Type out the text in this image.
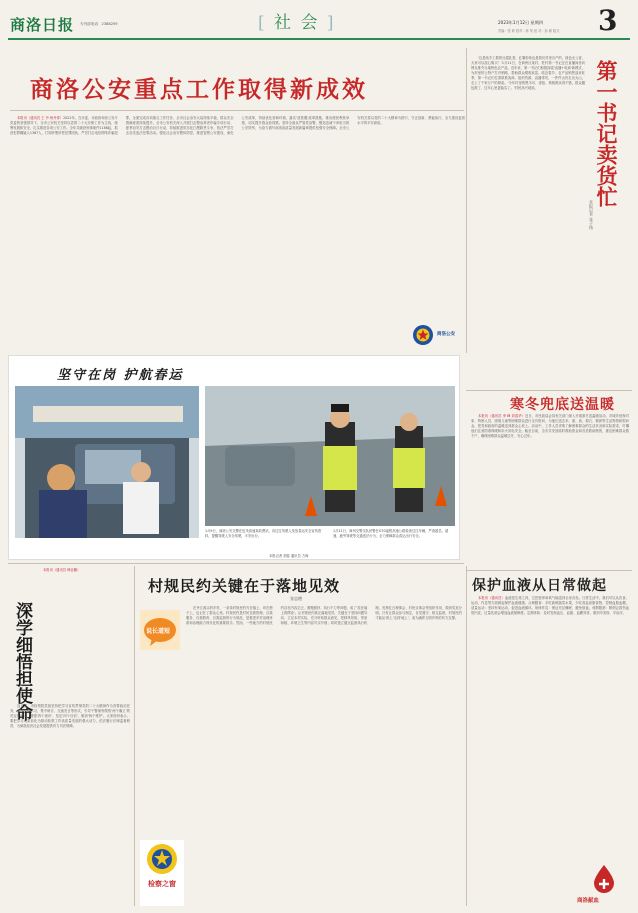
商洛日报 专刊部电话：2388259	[ 社 会 ]	2023年1月12日 星期四
责编：张 莉 校对：席 荣 组 对：孙 颖 版式 3
商洛公安重点工作取得新成效

本报讯（通讯员 王 丹 杨丹青）2022年，在市委、市政府和省公安厅党委的坚强领导下，全市公安机关坚持以党的二十大安保工作为主线，统筹发展和安全，扎实推进各项公安工作。全年共破获刑事案件1186起，抓获犯罪嫌疑人1367人，打掉涉黑涉恶犯罪团伙，严厉打击电信网络诈骗犯罪，全面完成各项重点工作任务，全市社会治安大局持续平稳，群众安全感满意度持续提升。全市公安机关深入开展打击整治养老诈骗专项行动、夏季治安打击整治百日行动，持续推进常态化扫黑除恶斗争，依法严厉打击各类违法犯罪活动。强化社会治安整体防控，推进智慧公安建设，深化公安改革，持续优化营商环境，落实'放管服'改革措施，推出便民利民举措，切实提升群众获得感。坚持全面从严管党治警，锻造忠诚干净担当的公安铁军，为奋力谱写商洛高质量发展新篇章提供坚强安全保障。全市公安机关将以党的二十大精神为指引，守正创新、勇毅前行，全力建设更高水平的平安商洛。

商洛公安

'这是纯手工做的豆腐乳香，红薯粉条也是我们村里自产的，绿色无公害，大家可以放心购买！'1月11日，在商州区某村，驻村第一书记正在直播间里向网友推介当地特色农产品。近年来，第一书记们积极探索'直播+电商'新模式，为村里的土特产打开销路，帮助群众增收致富。临近春节，农产品销售迎来旺季，第一书记们忙着联系客商、组织货源、直播带货，一件件山货走出大山，走上了千家万户的餐桌。'今年村里的黑木耳、香菇、核桃都卖得不错，群众腰包鼓了，过年心里更踏实了。'村民高兴地说。	第一书记卖货忙
本报记者 张子扬
坚守在岗 护航春运
1月9日，商洛公安交警在包茂高速某收费站，向过往驾驶人发放春运安全宣传资料，提醒驾驶人安全驾驶，平安出行。
1月11日，商州交警支队民警在G70福银高速公路检查过往车辆，严查超员、超速、疲劳驾驶等交通违法行为，全力保障群众春运出行安全。
本报记者 胡春 通讯员 方海
寒冬兜底送温暖

本报讯（通讯员 李 峰 刘春华）近日，市民政局会同有关部门深入开展寒冬送温暖活动，对城乡低保对象、特困人员、困境儿童等困难群众进行走访慰问，为他们送去米、面、油、棉衣、棉被等生活物资和慰问金，把党和政府的温暖送到群众心坎上。活动中，工作人员详细了解困难群众的生活状况和实际需求，叮嘱他们注意防寒保暖和用火用电安全。截至目前，全市共发放临时救助资金和各类救助物资，惠及困难群众数千户，确保困难群众温暖过冬、安心过年。

保护血液从日常做起

本报讯（通讯员）血液是生命之河，它把营养和氧气输送到全身各处。日常生活中，我们可以从饮食、运动、作息等方面做起保护血液健康。合理膳食：多吃新鲜蔬菜水果，少吃高盐高脂食物，控制血脂血糖。适量运动：坚持有氧运动，促进血液循环。规律作息：保证充足睡眠，避免熬夜。戒烟限酒：吸烟会损伤血管内皮，过量饮酒会增加血液黏稠度。定期体检：及时发现血压、血脂、血糖异常，做到早发现、早治疗。

商洛献血
深学细悟担使命

本报讯（通讯员 韩亚鹏）

连日来，市检察院党组坚持把学习宣传贯彻党的二十大精神作为首要政治任务，通过专题学习、集中研讨、交流发言等形式，引导干警深刻领悟'两个确立'的决定性意义，增强'四个意识'、坚定'四个自信'、做到'两个维护'。大家纷纷表示，要把学习成果转化为推动检察工作高质量发展的强大动力，依法履行法律监督职责，为商洛经济社会发展提供有力司法保障。

村规民约关键在于落地见效
张忠德
说长道短
检察之窗

在丹江源头的乡村，一条条村规民约写在墙上、印在册子上，也记在了群众心里。村规民约是村民自我管理、自我服务、自我教育、自我监督的行为规范，是推进乡村治理体系和治理能力现代化的重要抓手。然而，一些地方的村规民约存在内容空泛、照搬照抄、执行不力等问题，成了'挂在墙上的摆设'。让村规民约真正落地见效，关键在于坚持问题导向，立足本村实际，充分听取群众意见，把移风易俗、邻里和睦、环境卫生等内容写实写细；同时建立健全监督执行机制，发挥红白理事会、村民议事会等组织作用，做到奖惩分明。只有让群众参与制定、自觉遵守、相互监督，村规民约才能从'纸上'走到'地上'，成为涵养文明乡风的有力支撑。
